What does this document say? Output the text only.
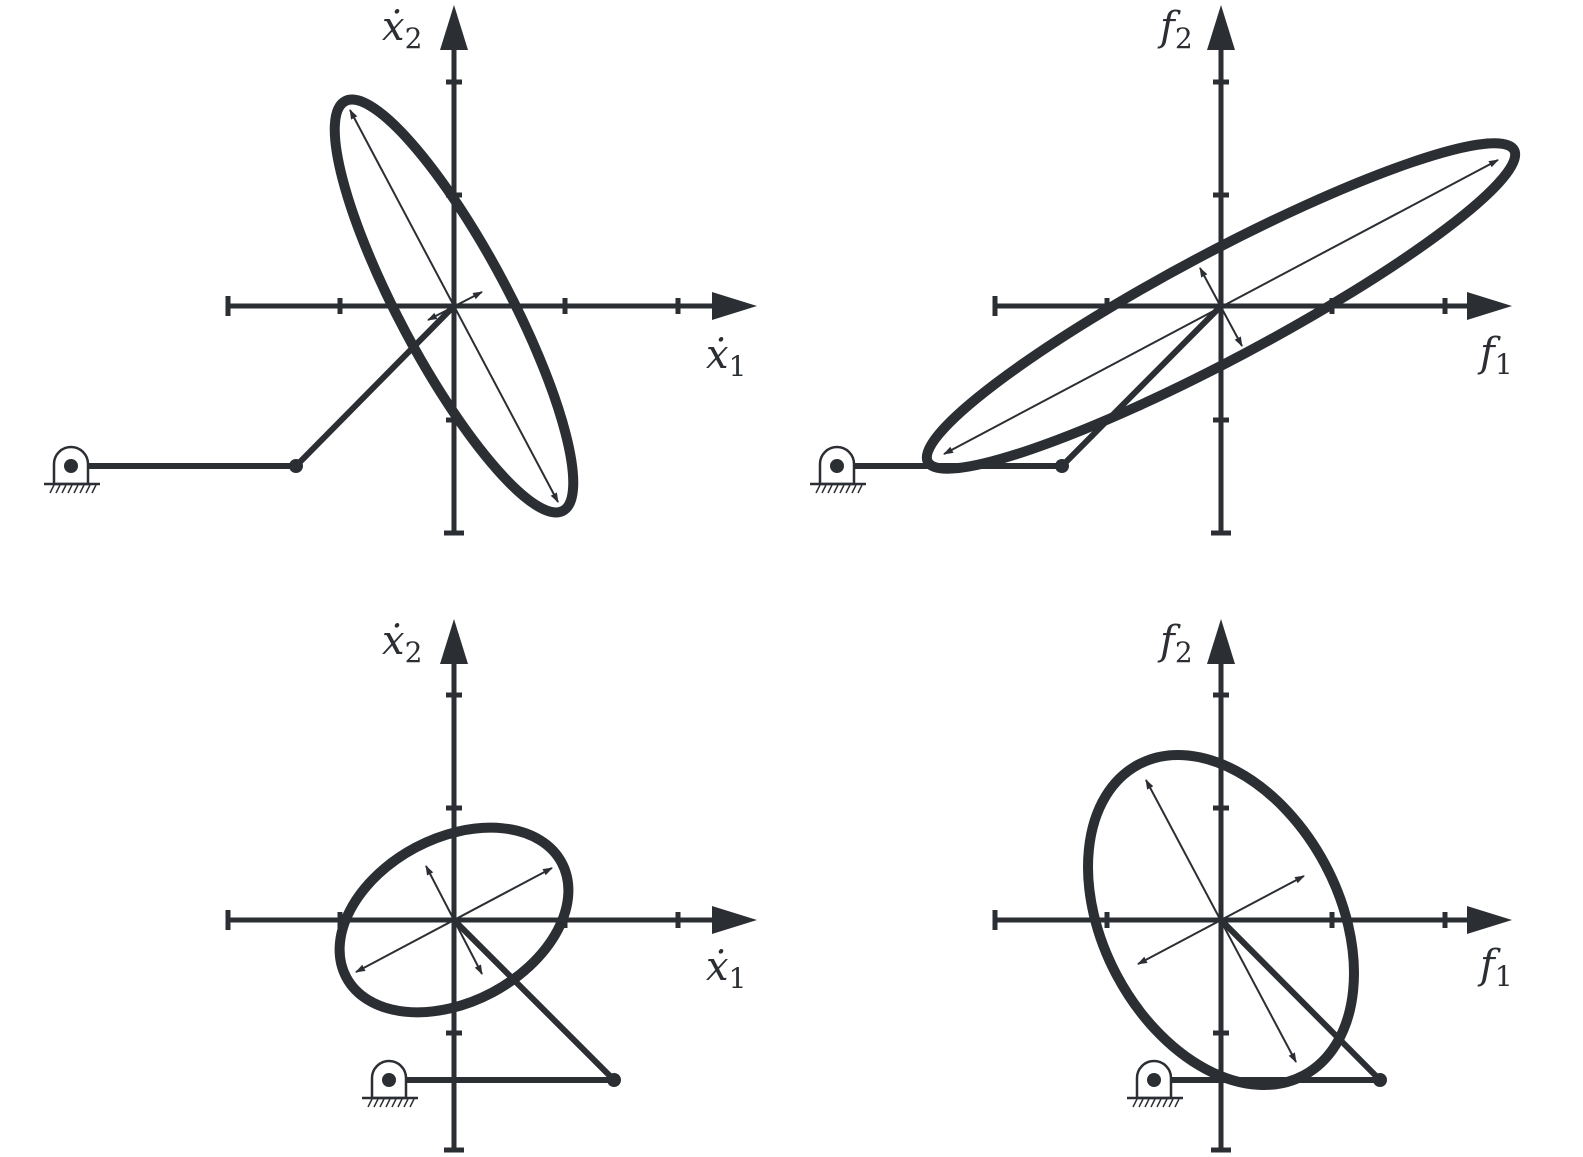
ẋ1
ẋ2
f1
f2
ẋ1
ẋ2
f1
f2
